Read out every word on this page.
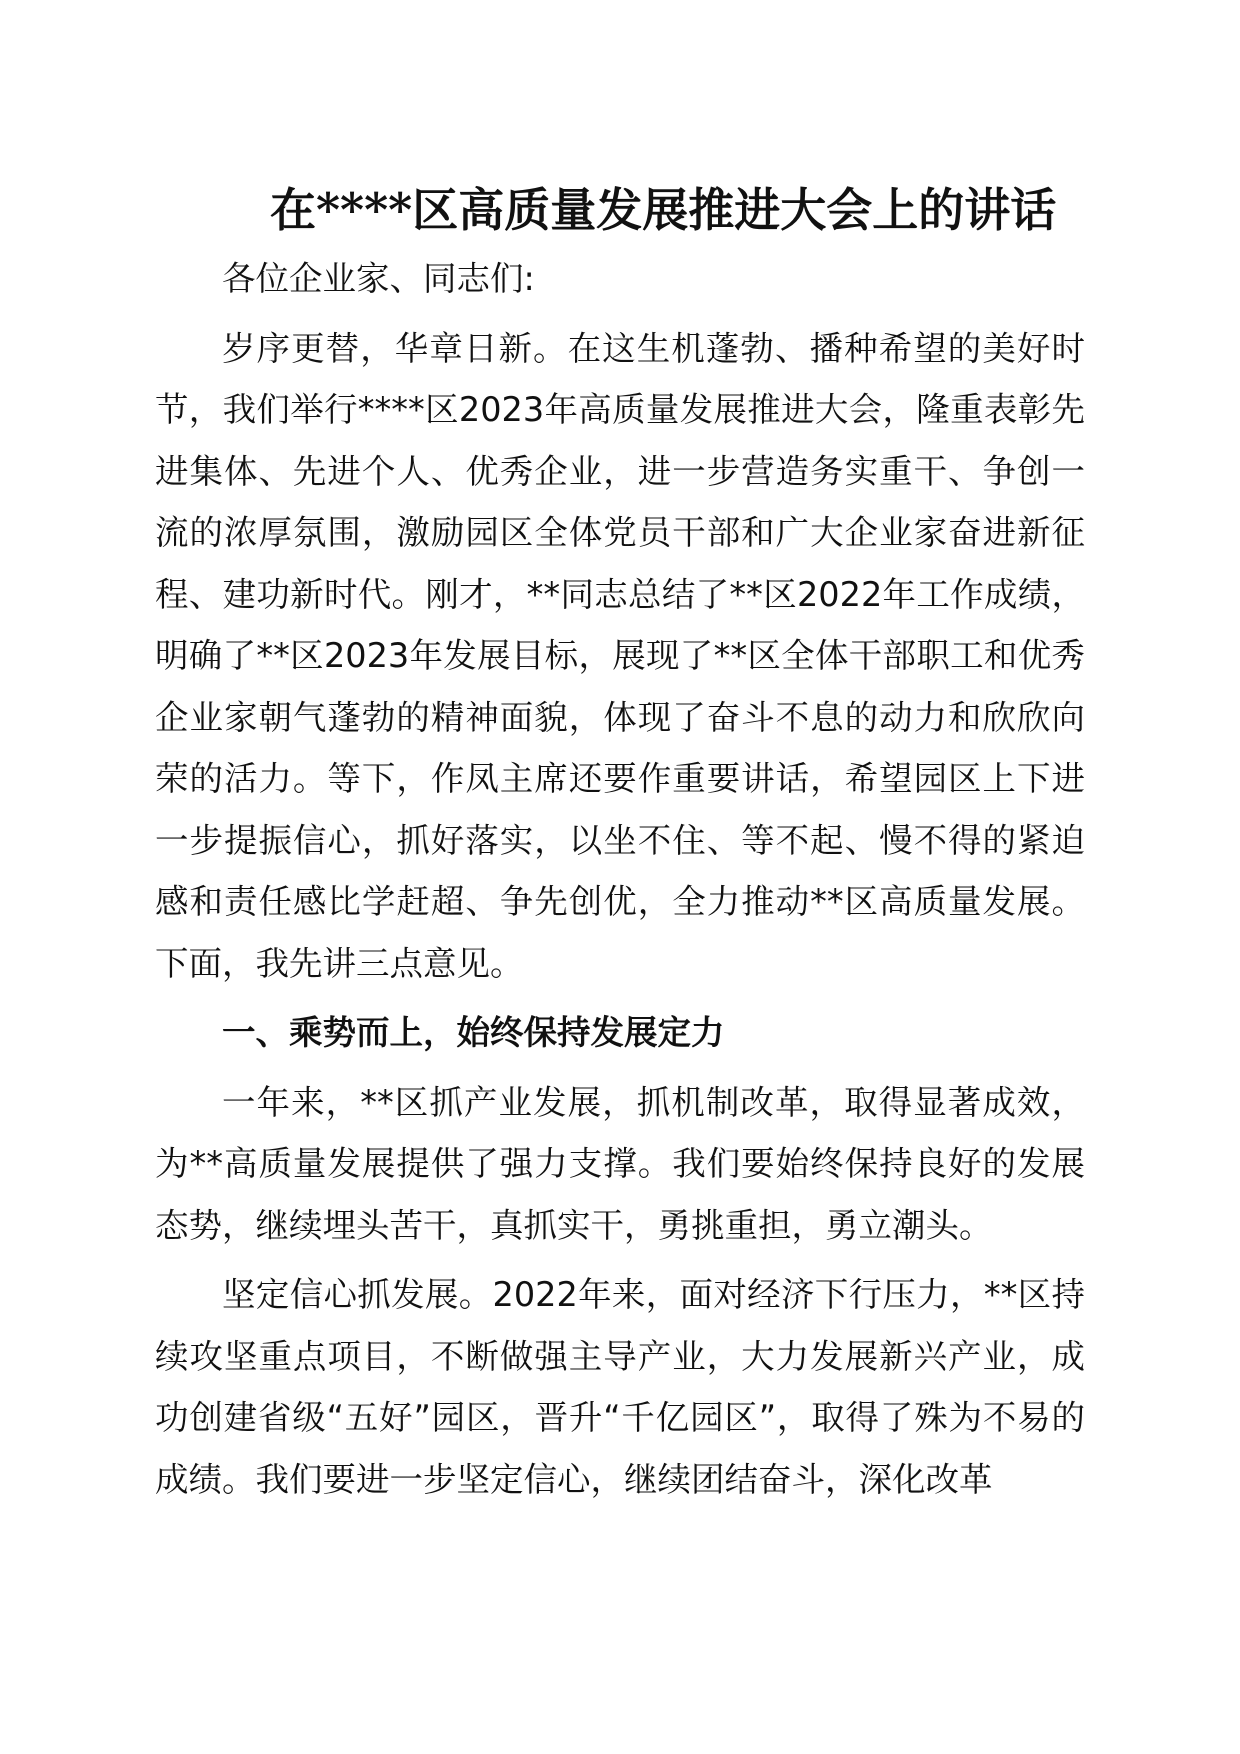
在****区高质量发展推进大会上的讲话

各位企业家、同志们:

岁序更替，华章日新。在这生机蓬勃、播种希望的美好时节，我们举行****区2023年高质量发展推进大会，隆重表彰先进集体、先进个人、优秀企业，进一步营造务实重干、争创一流的浓厚氛围，激励园区全体党员干部和广大企业家奋进新征程、建功新时代。刚才，**同志总结了**区2022年工作成绩，明确了**区2023年发展目标，展现了**区全体干部职工和优秀企业家朝气蓬勃的精神面貌，体现了奋斗不息的动力和欣欣向荣的活力。等下，作凤主席还要作重要讲话，希望园区上下进一步提振信心，抓好落实，以坐不住、等不起、慢不得的紧迫感和责任感比学赶超、争先创优，全力推动**区高质量发展。下面，我先讲三点意见。

一、乘势而上，始终保持发展定力

一年来，**区抓产业发展，抓机制改革，取得显著成效，为**高质量发展提供了强力支撑。我们要始终保持良好的发展态势，继续埋头苦干，真抓实干，勇挑重担，勇立潮头。

坚定信心抓发展。2022年来，面对经济下行压力，**区持续攻坚重点项目，不断做强主导产业，大力发展新兴产业，成功创建省级“五好”园区，晋升“千亿园区”，取得了殊为不易的成绩。我们要进一步坚定信心，继续团结奋斗，深化改革
